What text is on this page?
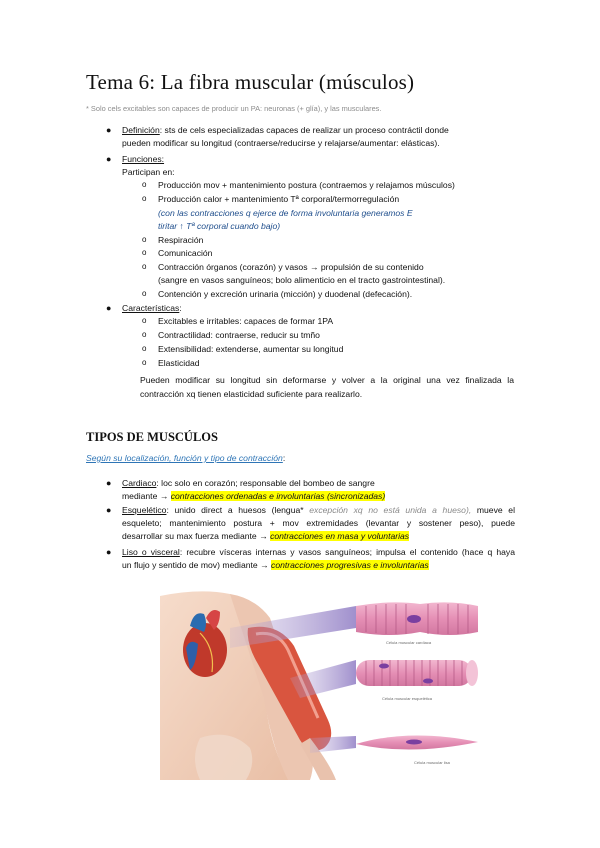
Tema 6: La fibra muscular (músculos)
* Solo cels excitables son capaces de producir un PA: neuronas (+ glía), y las musculares.
● Definición: sts de cels especializadas capaces de realizar un proceso contráctil donde
pueden modificar su longitud (contraerse/reducirse y relajarse/aumentar: elásticas).
● Funciones:
Participan en:
o Producción mov + mantenimiento postura (contraemos y relajamos músculos)
o Producción calor + mantenimiento Tª corporal/termorregulación
(con las contracciones q ejerce de forma involuntaria generamos E
tiritar ↑ Tª corporal cuando bajo)
o Respiración
o Comunicación
o Contracción órganos (corazón) y vasos → propulsión de su contenido
(sangre en vasos sanguíneos; bolo alimenticio en el tracto gastrointestinal).
o Contención y excreción urinaria (micción) y duodenal (defecación).
● Características:
o Excitables e irritables: capaces de formar 1PA
o Contractilidad: contraerse, reducir su tmño
o Extensibilidad: extenderse, aumentar su longitud
o Elasticidad
Pueden modificar su longitud sin deformarse y volver a la original una vez finalizada la
contracción xq tienen elasticidad suficiente para realizarlo.
TIPOS DE MUSCÚLOS
Según su localización, función y tipo de contracción:
● Cardiaco: loc solo en corazón; responsable del bombeo de sangre
mediante → contracciones ordenadas e involuntarias (sincronizadas)
● Esquelético: unido direct a huesos (lengua* excepción xq no está unida a hueso), mueve el
esqueleto; mantenimiento postura + mov extremidades (levantar y sostener peso), puede
desarrollar su max fuerza mediante → contracciones en masa y voluntarias
● Liso o visceral: recubre vísceras internas y vasos sanguíneos; impulsa el contenido (hace q haya
un flujo y sentido de mov) mediante → contracciones progresivas e involuntarias
Célula muscular cardíaca
Célula muscular esquelética
Célula muscular lisa
